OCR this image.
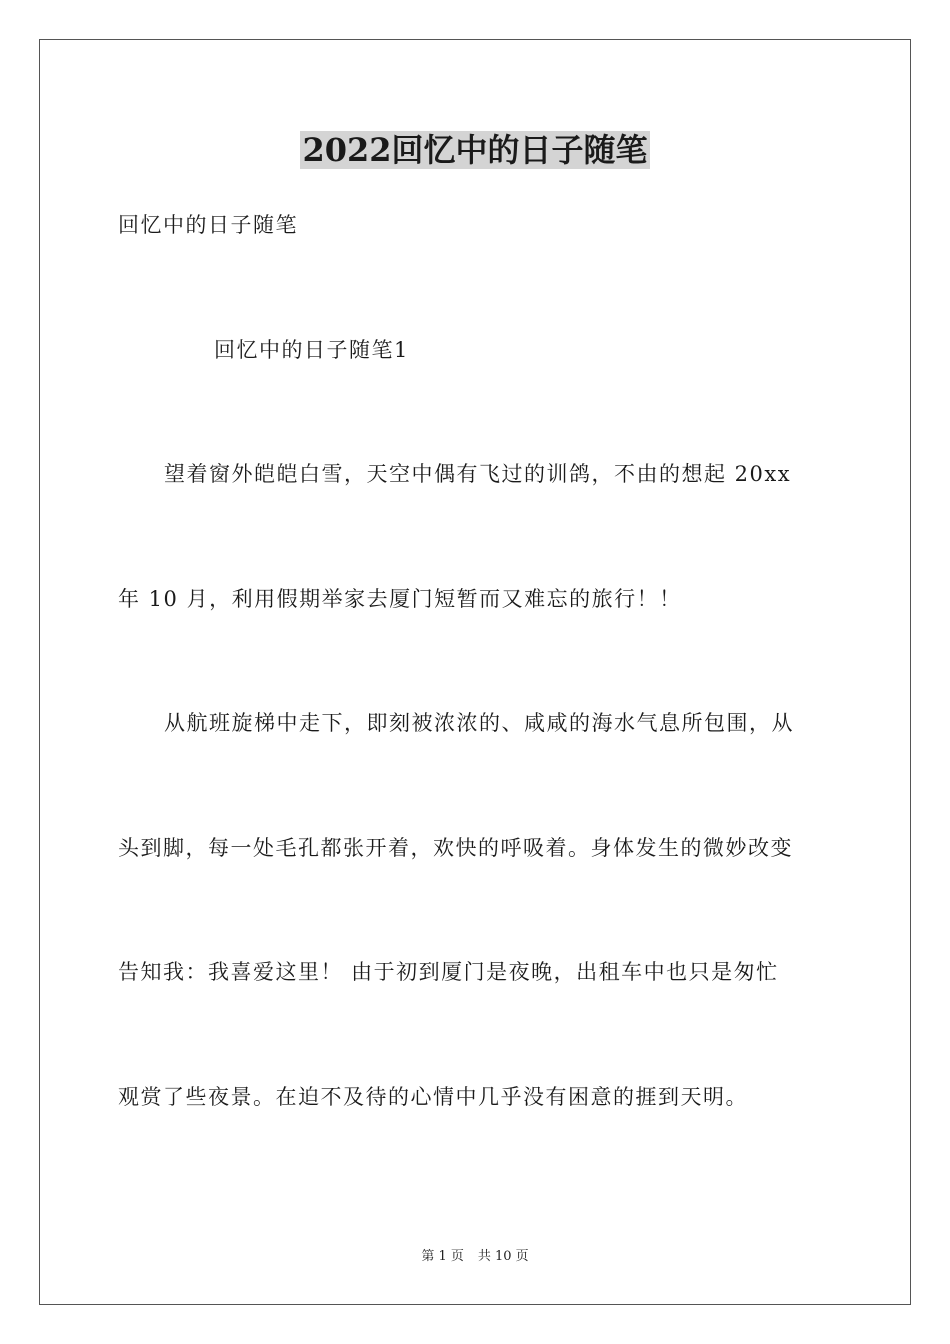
2022回忆中的日子随笔
回忆中的日子随笔
回忆中的日子随笔1
望着窗外皑皑白雪，天空中偶有飞过的训鸽，不由的想起 20xx
年 10 月，利用假期举家去厦门短暂而又难忘的旅行！！
从航班旋梯中走下，即刻被浓浓的、咸咸的海水气息所包围，从
头到脚，每一处毛孔都张开着，欢快的呼吸着。身体发生的微妙改变
告知我：我喜爱这里！ 由于初到厦门是夜晚，出租车中也只是匆忙
观赏了些夜景。在迫不及待的心情中几乎没有困意的捱到天明。
第 1 页 共 10 页
